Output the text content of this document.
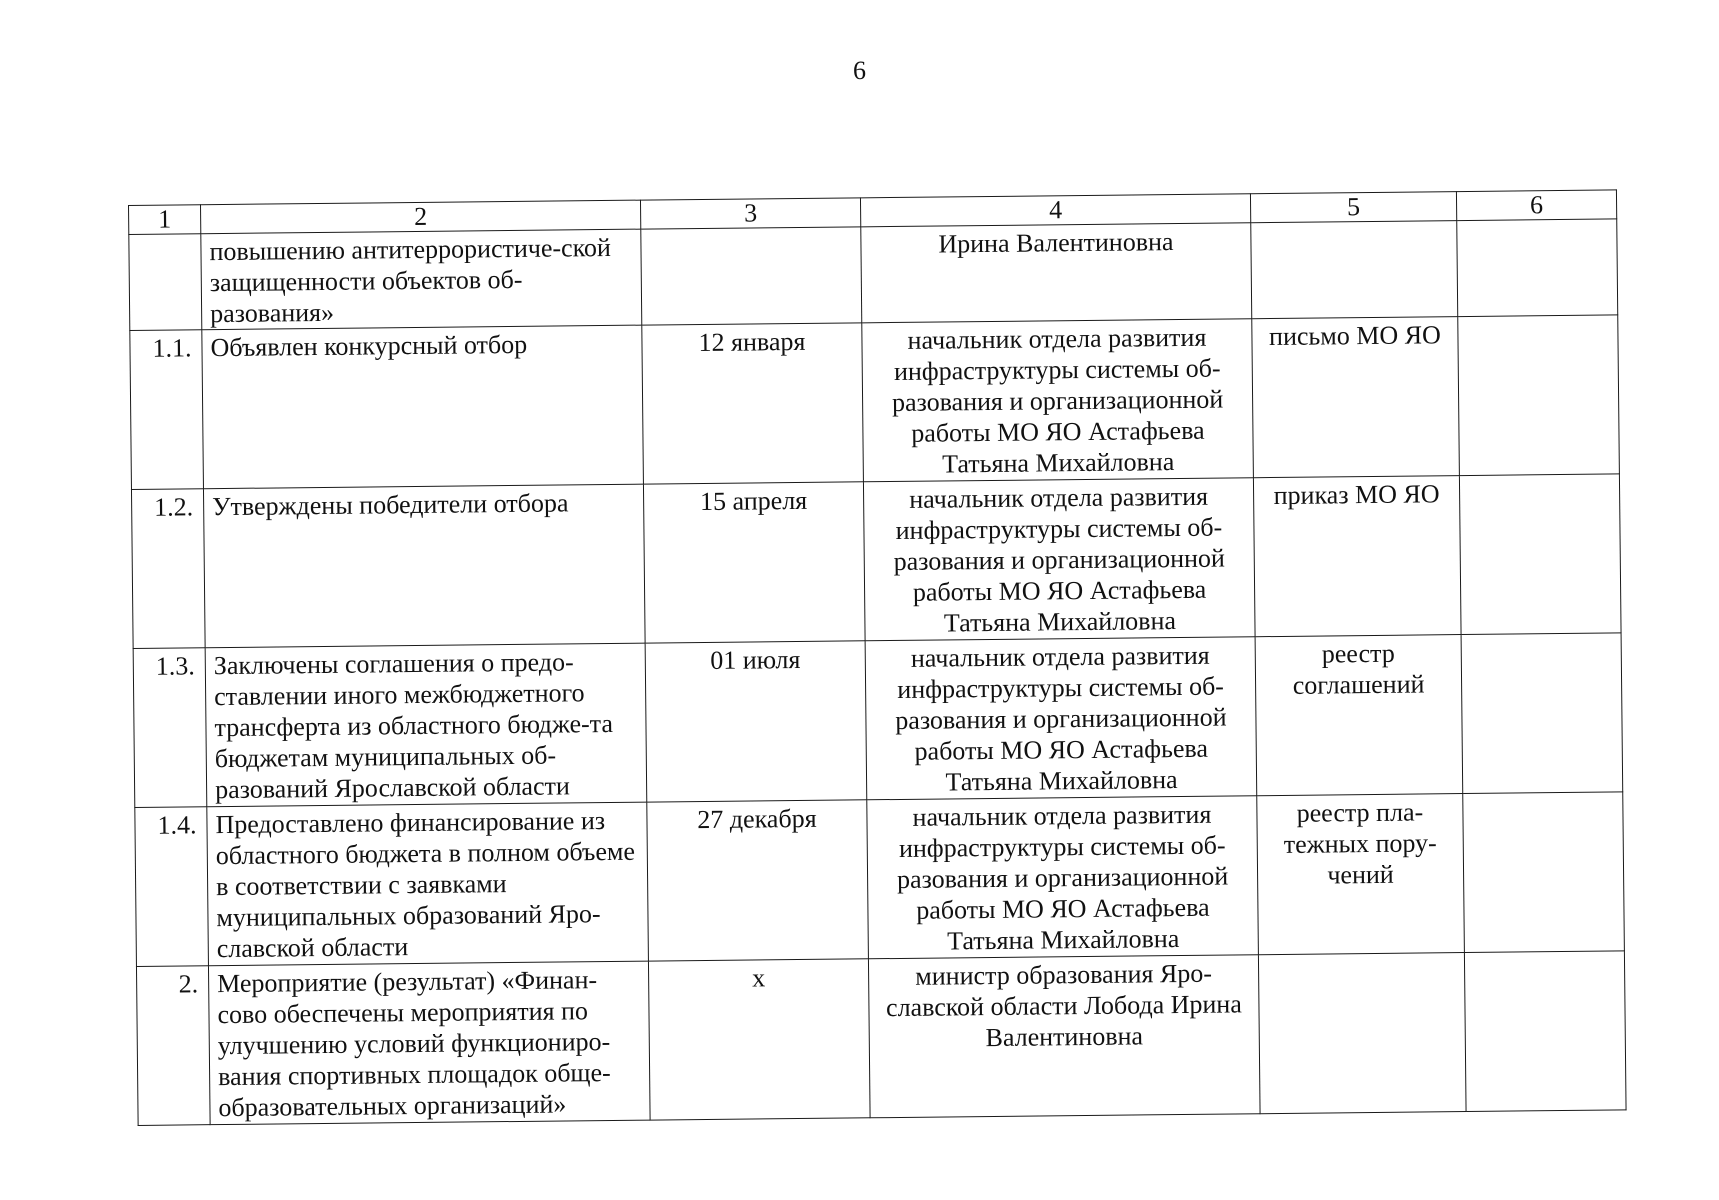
6
1	2	3	4	5	6
	повышению антитеррористиче-ской защищенности объектов об-разования»		Ирина Валентиновна		
1.1.	Объявлен конкурсный отбор	12 января	начальник отдела развития инфраструктуры системы об-разования и организационной работы МО ЯО Астафьева Татьяна Михайловна	письмо МО ЯО	
1.2.	Утверждены победители отбора	15 апреля	начальник отдела развития инфраструктуры системы об-разования и организационной работы МО ЯО Астафьева Татьяна Михайловна	приказ МО ЯО	
1.3.	Заключены соглашения о предо-ставлении иного межбюджетного трансферта из областного бюдже-та бюджетам муниципальных об-разований Ярославской области	01 июля	начальник отдела развития инфраструктуры системы об-разования и организационной работы МО ЯО Астафьева Татьяна Михайловна	реестр соглашений	
1.4.	Предоставлено финансирование из областного бюджета в полном объеме в соответствии с заявками муниципальных образований Яро-славской области	27 декабря	начальник отдела развития инфраструктуры системы об-разования и организационной работы МО ЯО Астафьева Татьяна Михайловна	реестр пла-тежных пору-чений	
2.	Мероприятие (результат) «Финан-сово обеспечены мероприятия по улучшению условий функциониро-вания спортивных площадок обще-образовательных организаций»	х	министр образования Яро-славской области Лобода Ирина Валентиновна		
